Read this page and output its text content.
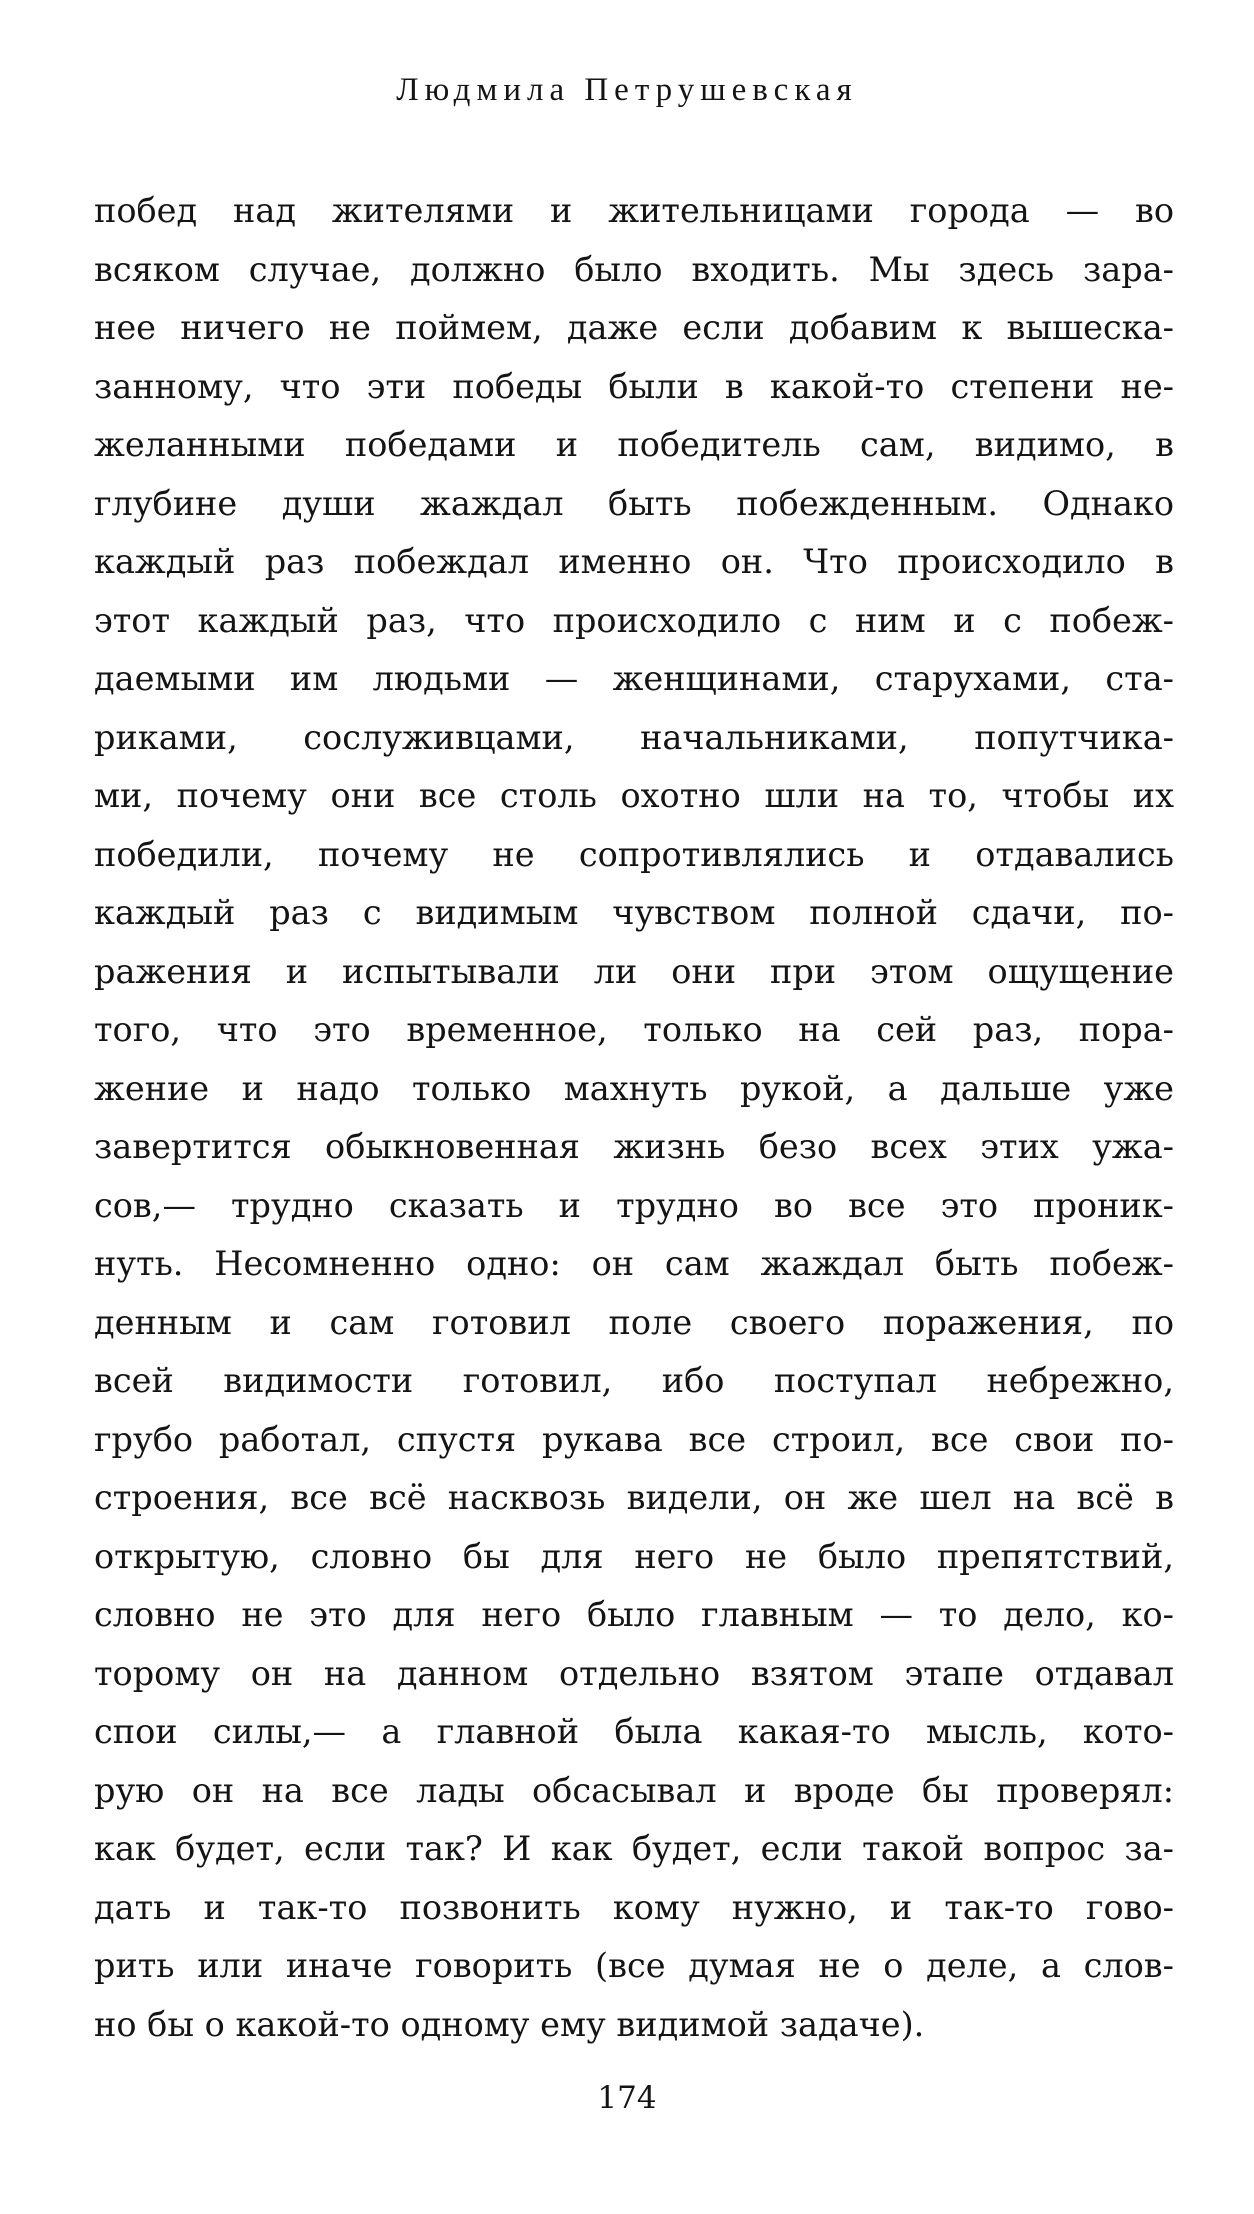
Людмила Петрушевская
побед над жителями и жительницами города — во
всяком случае, должно было входить. Мы здесь зара-
нее ничего не поймем, даже если добавим к вышеска-
занному, что эти победы были в какой-то степени не-
желанными победами и победитель сам, видимо, в
глубине души жаждал быть побежденным. Однако
каждый раз побеждал именно он. Что происходило в
этот каждый раз, что происходило с ним и с побеж-
даемыми им людьми — женщинами, старухами, ста-
риками, сослуживцами, начальниками, попутчика-
ми, почему они все столь охотно шли на то, чтобы их
победили, почему не сопротивлялись и отдавались
каждый раз с видимым чувством полной сдачи, по-
ражения и испытывали ли они при этом ощущение
того, что это временное, только на сей раз, пора-
жение и надо только махнуть рукой, а дальше уже
завертится обыкновенная жизнь безо всех этих ужа-
сов,— трудно сказать и трудно во все это проник-
нуть. Несомненно одно: он сам жаждал быть побеж-
денным и сам готовил поле своего поражения, по
всей видимости готовил, ибо поступал небрежно,
грубо работал, спустя рукава все строил, все свои по-
строения, все всё насквозь видели, он же шел на всё в
открытую, словно бы для него не было препятствий,
словно не это для него было главным — то дело, ко-
торому он на данном отдельно взятом этапе отдавал
спои силы,— а главной была какая-то мысль, кото-
рую он на все лады обсасывал и вроде бы проверял:
как будет, если так? И как будет, если такой вопрос за-
дать и так-то позвонить кому нужно, и так-то гово-
рить или иначе говорить (все думая не о деле, а слов-
но бы о какой-то одному ему видимой задаче).
174
